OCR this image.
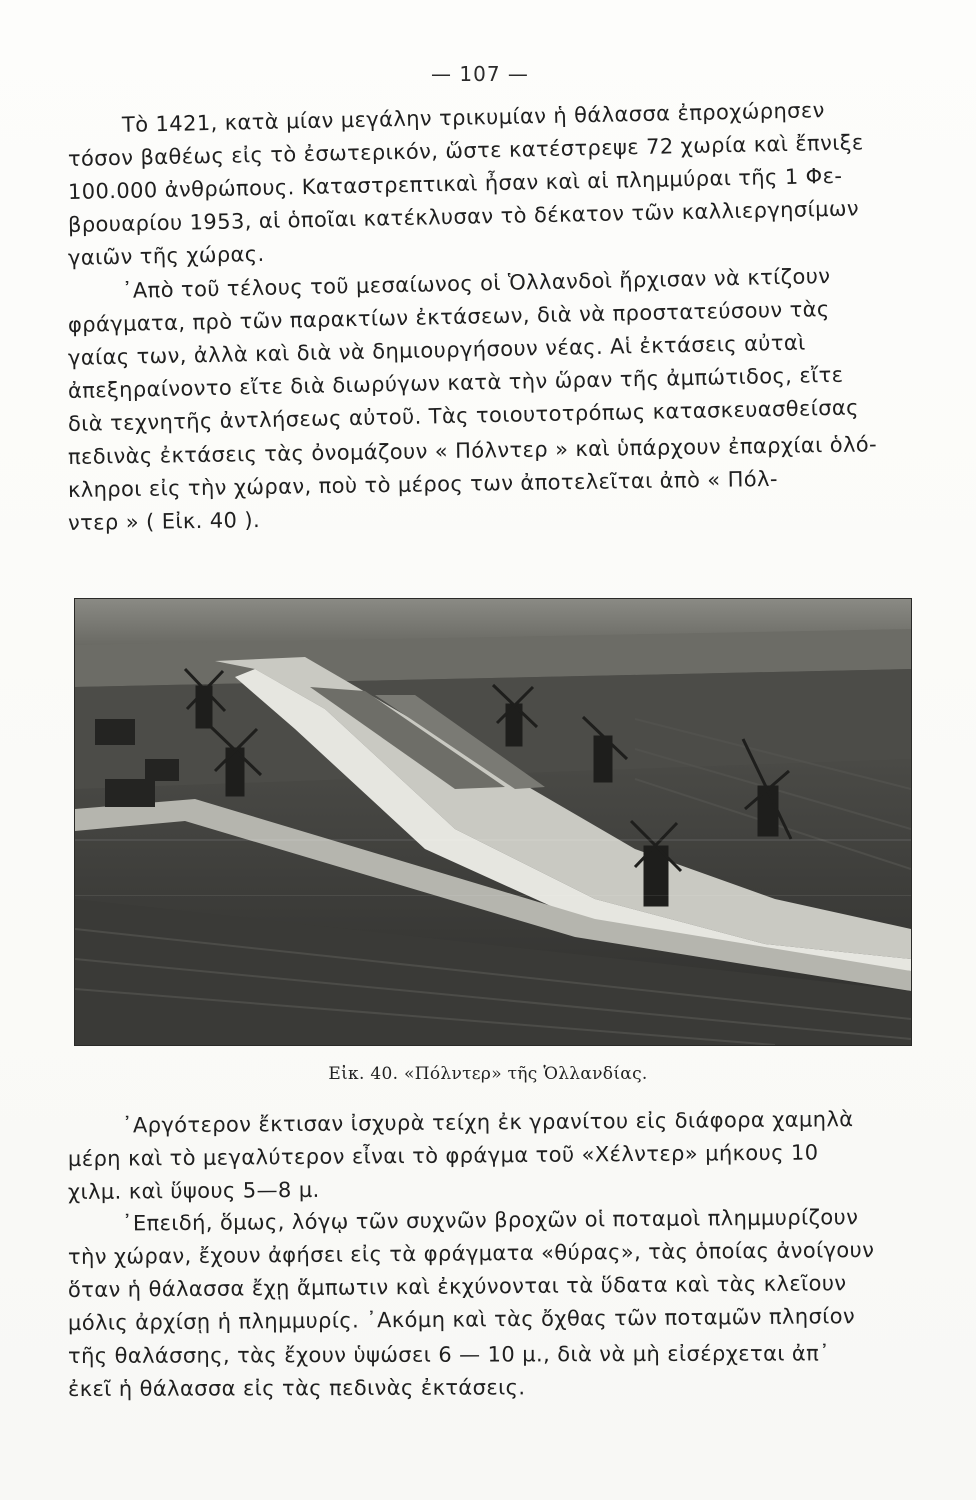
— 107 —
Τὸ 1421, κατὰ μίαν μεγάλην τρικυμίαν ἡ θάλασσα ἐπροχώρησεν
τόσον βαθέως εἰς τὸ ἐσωτερικόν, ὥστε κατέστρεψε 72 χωρία καὶ ἔπνιξε
100.000 ἀνθρώπους. Καταστρεπτικαὶ ἦσαν καὶ αἱ πλημμύραι τῆς 1 Φε-
βρουαρίου 1953, αἱ ὁποῖαι κατέκλυσαν τὸ δέκατον τῶν καλλιεργησίμων
γαιῶν τῆς χώρας.
᾿Απὸ τοῦ τέλους τοῦ μεσαίωνος οἱ Ὁλλανδοὶ ἤρχισαν νὰ κτίζουν
φράγματα, πρὸ τῶν παρακτίων ἐκτάσεων, διὰ νὰ προστατεύσουν τὰς
γαίας των, ἀλλὰ καὶ διὰ νὰ δημιουργήσουν νέας. Αἱ ἐκτάσεις αὐταὶ
ἀπεξηραίνοντο εἴτε διὰ διωρύγων κατὰ τὴν ὥραν τῆς ἀμπώτιδος, εἴτε
διὰ τεχνητῆς ἀντλήσεως αὐτοῦ. Τὰς τοιουτοτρόπως κατασκευασθείσας
πεδινὰς ἐκτάσεις τὰς ὀνομάζουν « Πόλντερ » καὶ ὑπάρχουν ἐπαρχίαι ὁλό-
κληροι εἰς τὴν χώραν, ποὺ τὸ μέρος των ἀποτελεῖται ἀπὸ « Πόλ-
ντερ » ( Εἰκ. 40 ).
Εἰκ. 40. «Πόλντερ» τῆς Ὁλλανδίας.
᾿Αργότερον ἔκτισαν ἰσχυρὰ τείχη ἐκ γρανίτου εἰς διάφορα χαμηλὰ
μέρη καὶ τὸ μεγαλύτερον εἶναι τὸ φράγμα τοῦ «Χέλντερ» μήκους 10
χιλμ. καὶ ὕψους 5—8 μ.
᾿Επειδή, ὅμως, λόγῳ τῶν συχνῶν βροχῶν οἱ ποταμοὶ πλημμυρίζουν
τὴν χώραν, ἔχουν ἀφήσει εἰς τὰ φράγματα «θύρας», τὰς ὁποίας ἀνοίγουν
ὅταν ἡ θάλασσα ἔχῃ ἄμπωτιν καὶ ἐκχύνονται τὰ ὕδατα καὶ τὰς κλεῖουν
μόλις ἀρχίσῃ ἡ πλημμυρίς. ᾿Ακόμη καὶ τὰς ὄχθας τῶν ποταμῶν πλησίον
τῆς θαλάσσης, τὰς ἔχουν ὑψώσει 6 — 10 μ., διὰ νὰ μὴ εἰσέρχεται ἀπ᾿
ἐκεῖ ἡ θάλασσα εἰς τὰς πεδινὰς ἐκτάσεις.
